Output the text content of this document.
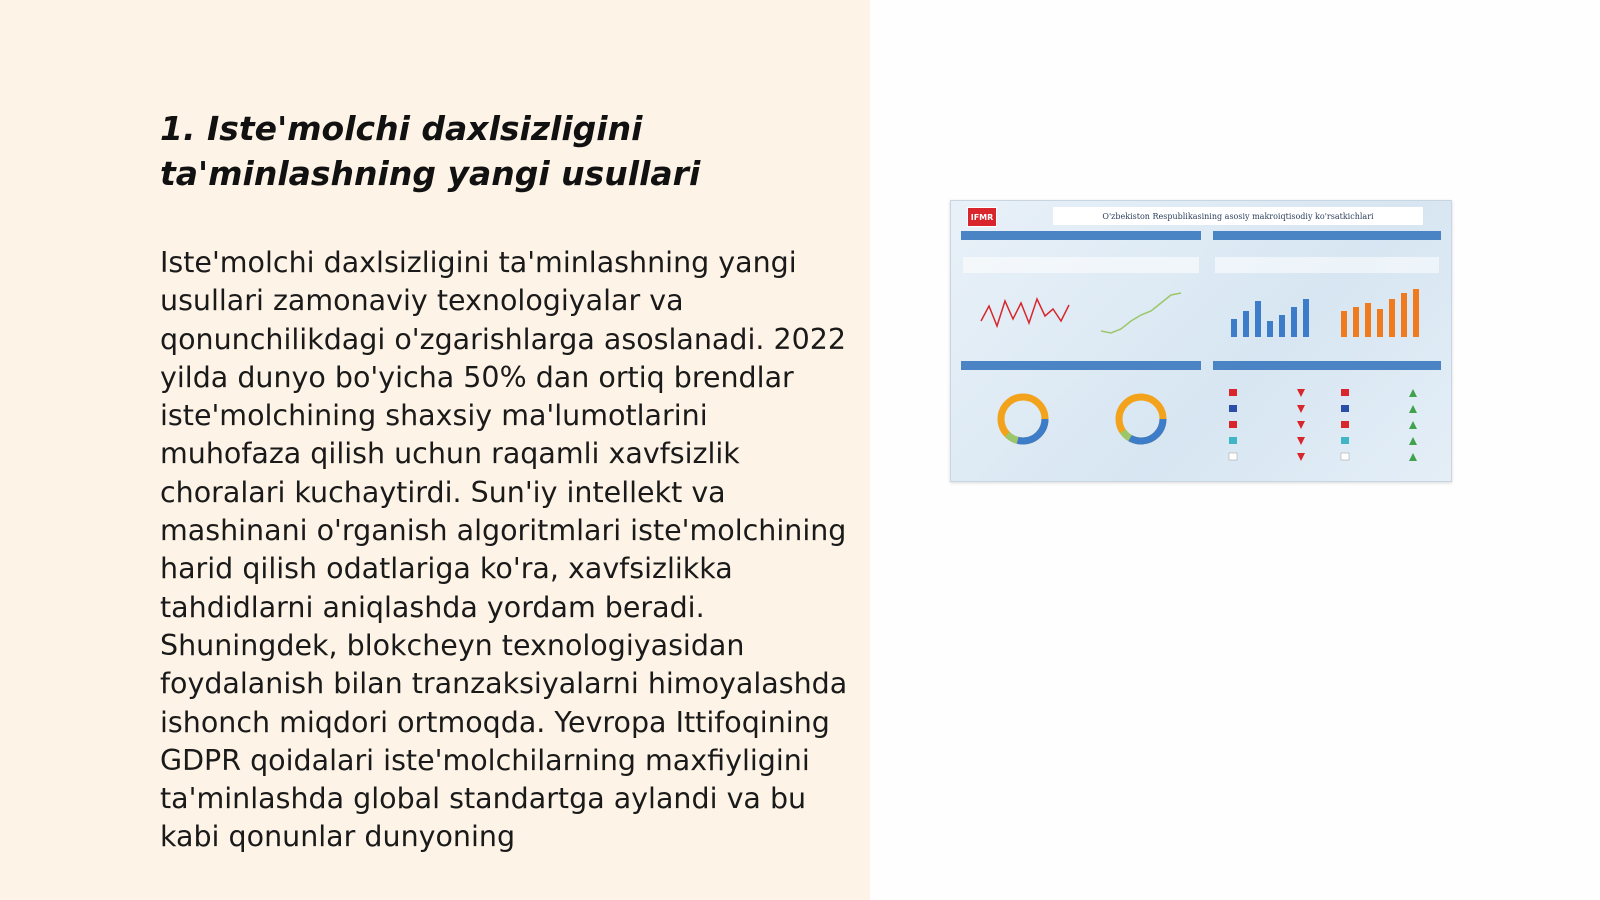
1. Iste'molchi daxlsizligini ta'minlashning yangi usullari

Iste'molchi daxlsizligini ta'minlashning yangi usullari zamonaviy texnologiyalar va qonunchilikdagi o'zgarishlarga asoslanadi. 2022 yilda dunyo bo'yicha 50% dan ortiq brendlar iste'molchining shaxsiy ma'lumotlarini muhofaza qilish uchun raqamli xavfsizlik choralari kuchaytirdi. Sun'iy intellekt va mashinani o'rganish algoritmlari iste'molchining harid qilish odatlariga ko'ra, xavfsizlikka tahdidlarni aniqlashda yordam beradi. Shuningdek, blokcheyn texnologiyasidan foydalanish bilan tranzaksiyalarni himoyalashda ishonch miqdori ortmoqda. Yevropa Ittifoqining GDPR qoidalari iste'molchilarning maxfiyligini ta'minlashda global standartga aylandi va bu kabi qonunlar dunyoning

IFMR	O'zbekiston Respublikasining asosiy makroiqtisodiy ko'rsatkichlari
